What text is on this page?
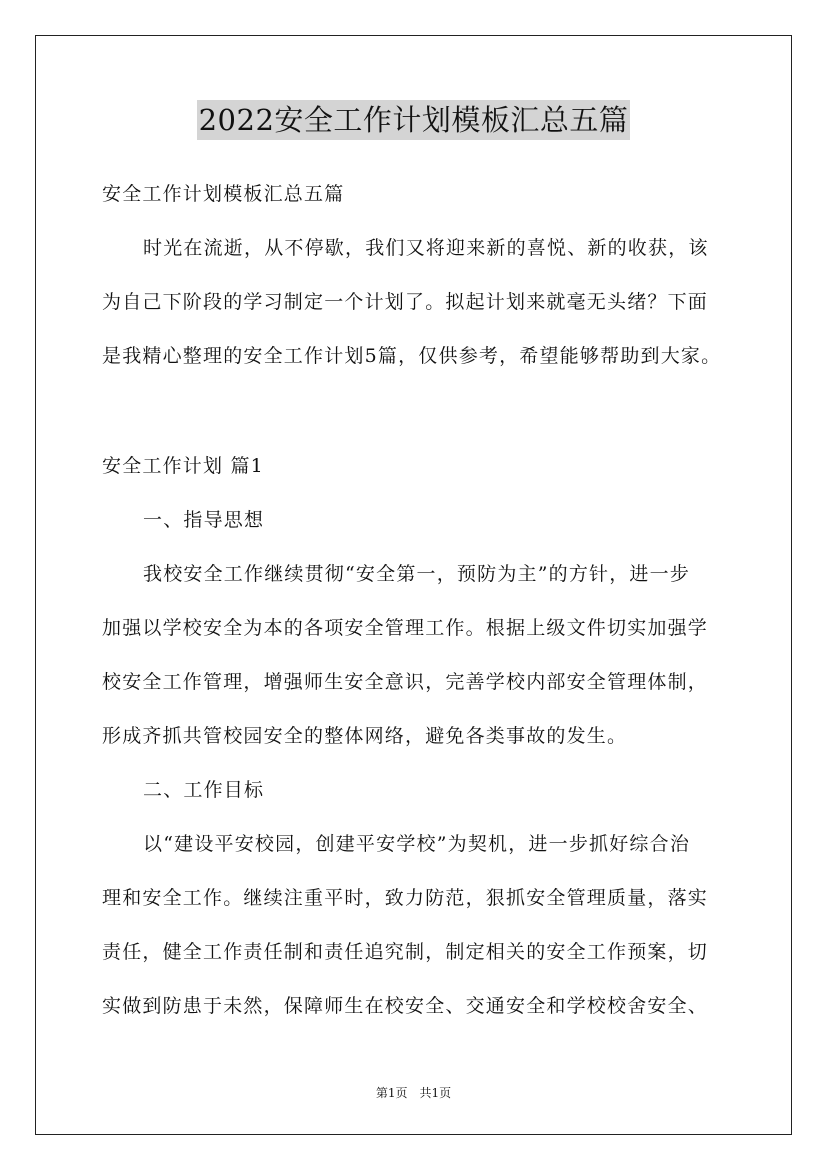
2022安全工作计划模板汇总五篇
安全工作计划模板汇总五篇
时光在流逝，从不停歇，我们又将迎来新的喜悦、新的收获，该
为自己下阶段的学习制定一个计划了。拟起计划来就毫无头绪？下面
是我精心整理的安全工作计划5篇，仅供参考，希望能够帮助到大家。
安全工作计划 篇1
一、指导思想
我校安全工作继续贯彻“安全第一，预防为主”的方针，进一步
加强以学校安全为本的各项安全管理工作。根据上级文件切实加强学
校安全工作管理，增强师生安全意识，完善学校内部安全管理体制，
形成齐抓共管校园安全的整体网络，避免各类事故的发生。
二、工作目标
以“建设平安校园，创建平安学校”为契机，进一步抓好综合治
理和安全工作。继续注重平时，致力防范，狠抓安全管理质量，落实
责任，健全工作责任制和责任追究制，制定相关的安全工作预案，切
实做到防患于未然，保障师生在校安全、交通安全和学校校舍安全、
第1页　共1页
